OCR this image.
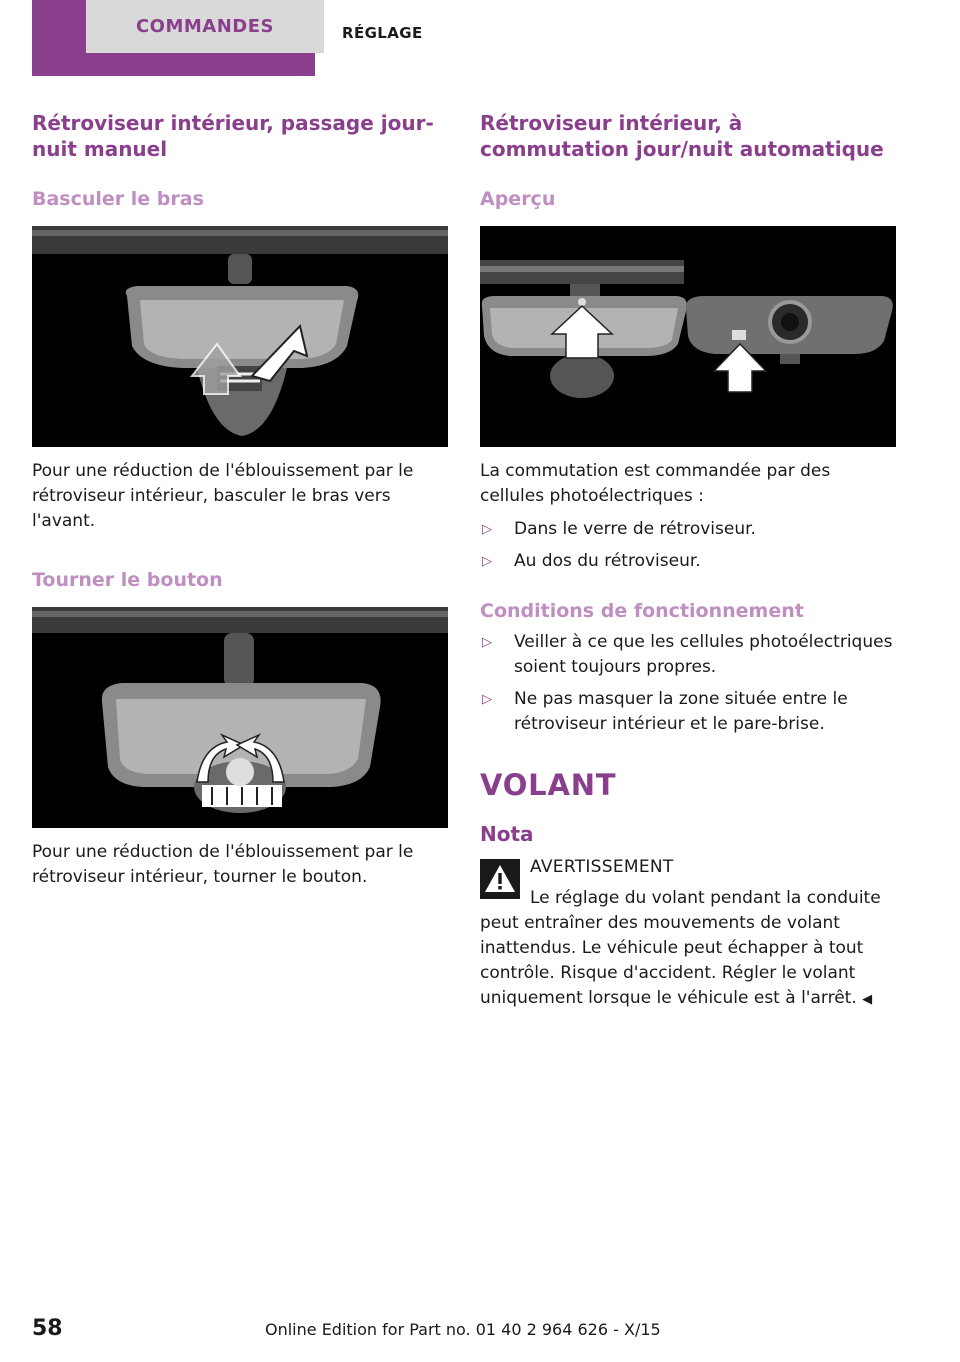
COMMANDES	RÉGLAGE
Rétroviseur intérieur, passage jour-nuit manuel
Basculer le bras

Pour une réduction de l'éblouissement par le rétroviseur intérieur, basculer le bras vers l'avant.

Tourner le bouton

Pour une réduction de l'éblouissement par le rétroviseur intérieur, tourner le bouton.

Rétroviseur intérieur, à commutation jour/nuit automatique
Aperçu

La commutation est commandée par des cellules photoélectriques :

▷ Dans le verre de rétroviseur.
▷ Au dos du rétroviseur.
Conditions de fonctionnement
▷ Veiller à ce que les cellules photoélectriques soient toujours propres.
▷ Ne pas masquer la zone située entre le rétroviseur intérieur et le pare-brise.
VOLANT
Nota
AVERTISSEMENT
Le réglage du volant pendant la conduite
peut entraîner des mouvements de volant inattendus. Le véhicule peut échapper à tout contrôle. Risque d'accident. Régler le volant uniquement lorsque le véhicule est à l'arrêt. ◀
58	Online Edition for Part no. 01 40 2 964 626 - X/15
